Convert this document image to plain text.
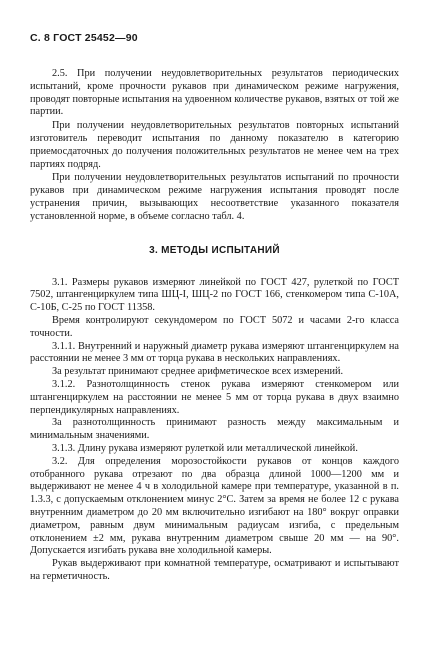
С. 8 ГОСТ 25452—90

2.5. При получении неудовлетворительных результатов периодических испытаний, кроме прочности рукавов при динамическом режиме нагружения, проводят повторные испытания на удвоенном количестве рукавов, взятых от той же партии.

При получении неудовлетворительных результатов повторных испытаний изготовитель переводит испытания по данному показателю в категорию приемосдаточных до получения положительных результатов не менее чем на трех партиях подряд.

При получении неудовлетворительных результатов испытаний по прочности рукавов при динамическом режиме нагружения испытания проводят после устранения причин, вызывающих несоответствие указанного показателя установленной норме, в объеме согласно табл. 4.

3. МЕТОДЫ ИСПЫТАНИЙ

3.1. Размеры рукавов измеряют линейкой по ГОСТ 427, рулеткой по ГОСТ 7502, штангенциркулем типа ШЦ-I, ШЦ-2 по ГОСТ 166, стенкомером типа С-10А, С-10Б, С-25 по ГОСТ 11358.

Время контролируют секундомером по ГОСТ 5072 и часами 2-го класса точности.

3.1.1. Внутренний и наружный диаметр рукава измеряют штангенциркулем на расстоянии не менее 3 мм от торца рукава в нескольких направлениях.

За результат принимают среднее арифметическое всех измерений.

3.1.2. Разнотолщинность стенок рукава измеряют стенкомером или штангенциркулем на расстоянии не менее 5 мм от торца рукава в двух взаимно перпендикулярных направлениях.

За разнотолщинность принимают разность между максимальным и минимальным значениями.

3.1.3. Длину рукава измеряют рулеткой или металлической линейкой.

3.2. Для определения морозостойкости рукавов от концов каждого отобранного рукава отрезают по два образца длиной 1000—1200 мм и выдерживают не менее 4 ч в холодильной камере при температуре, указанной в п. 1.3.3, с допускаемым отклонением минус 2°С. Затем за время не более 12 с рукава внутренним диаметром до 20 мм включительно изгибают на 180° вокруг оправки диаметром, равным двум минимальным радиусам изгиба, с предельным отклонением ±2 мм, рукава внутренним диаметром свыше 20 мм — на 90°. Допускается изгибать рукава вне холодильной камеры.

Рукав выдерживают при комнатной температуре, осматривают и испытывают на герметичность.
